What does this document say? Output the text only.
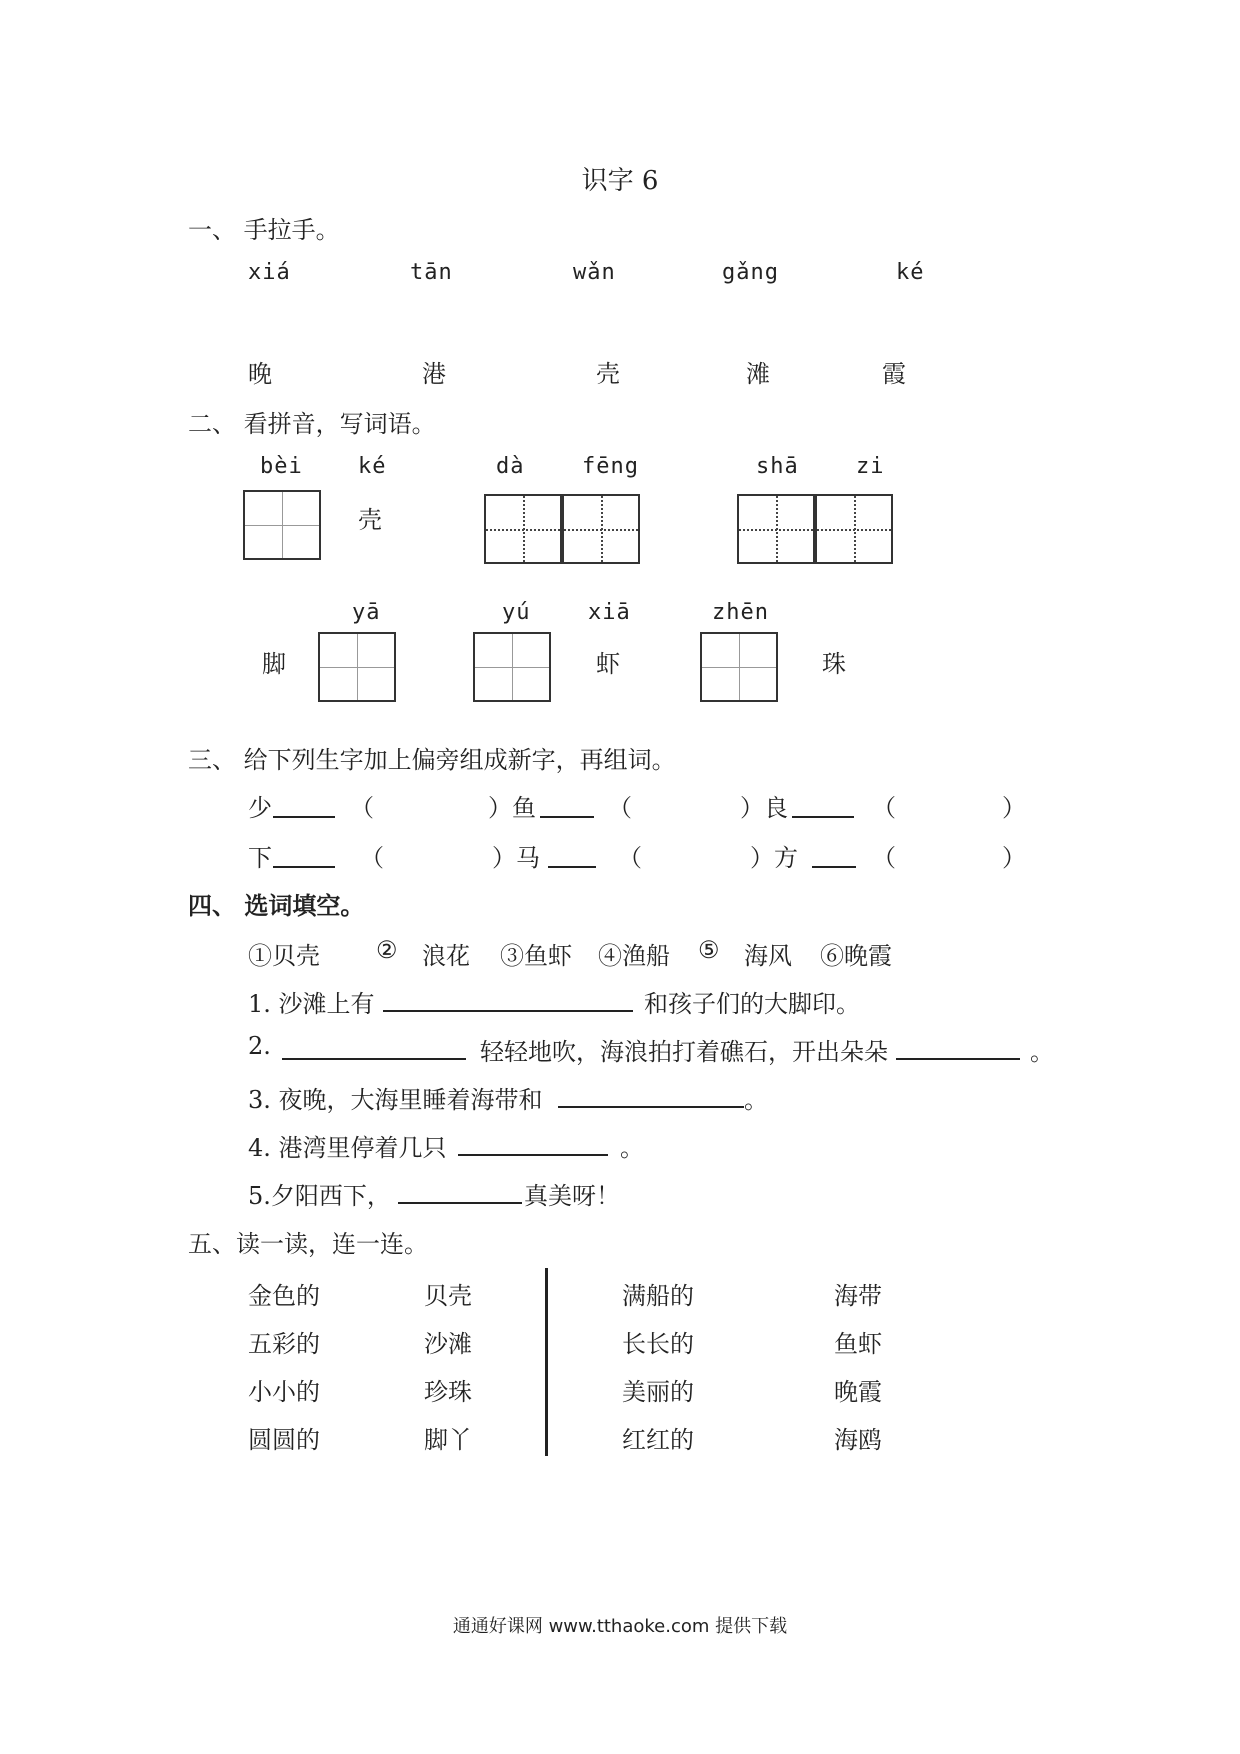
识字 6
一、 手拉手。
xiá	tān	wǎn	gǎng	ké
晚	港	壳	滩	霞
二、 看拼音，写词语。
bèi	ké	dà	fēng	shā	zi
壳
yā	yú	xiā	zhēn
脚	虾	珠
三、 给下列生字加上偏旁组成新字，再组词。
少	（	）鱼	（	）良	（	）
下	（	）马	（	）方	（	）
四、 选词填空。
①贝壳 ② 浪花 ③鱼虾 ④渔船 ⑤ 海风 ⑥晚霞
1. 沙滩上有	和孩子们的大脚印。
2.	轻轻地吹，海浪拍打着礁石，开出朵朵	。
3. 夜晚，大海里睡着海带和	。
4. 港湾里停着几只	。
5.夕阳西下，	真美呀！
五、读一读，连一连。
金色的	贝壳	满船的	海带
五彩的	沙滩	长长的	鱼虾
小小的	珍珠	美丽的	晚霞
圆圆的	脚丫	红红的	海鸥
通通好课网 www.tthaoke.com 提供下载
